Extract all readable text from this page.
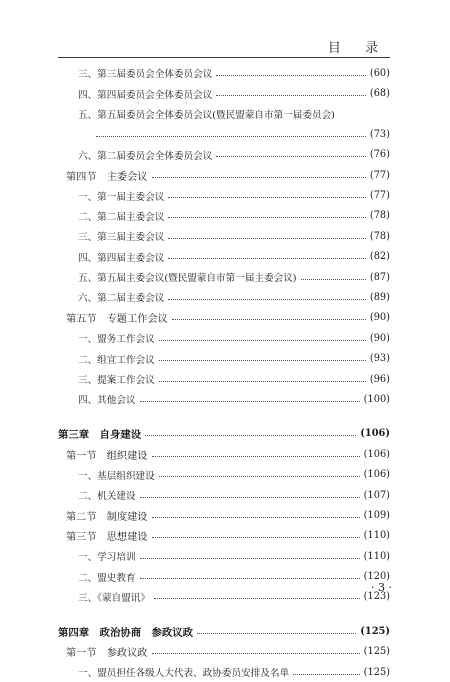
目 录
三、第三届委员会全体委员会议	(60)
四、第四届委员会全体委员会议	(68)
五、第五届委员会全体委员会议(暨民盟蒙自市第一届委员会)
(73)
六、第二届委员会全体委员会议	(76)
第四节　主委会议	(77)
一、第一届主委会议	(77)
二、第二届主委会议	(78)
三、第三届主委会议	(78)
四、第四届主委会议	(82)
五、第五届主委会议(暨民盟蒙自市第一届主委会议)	(87)
六、第二届主委会议	(89)
第五节　专题工作会议	(90)
一、盟务工作会议	(90)
二、组宣工作会议	(93)
三、提案工作会议	(96)
四、其他会议	(100)
第三章　自身建设	(106)
第一节　组织建设	(106)
一、基层组织建设	(106)
二、机关建设	(107)
第二节　制度建设	(109)
第三节　思想建设	(110)
一、学习培训	(110)
二、盟史教育	(120)
三、《蒙自盟讯》	(123)
第四章　政治协商　参政议政	(125)
第一节　参政议政	(125)
一、盟员担任各级人大代表、政协委员安排及名单	(125)
· 3 ·
